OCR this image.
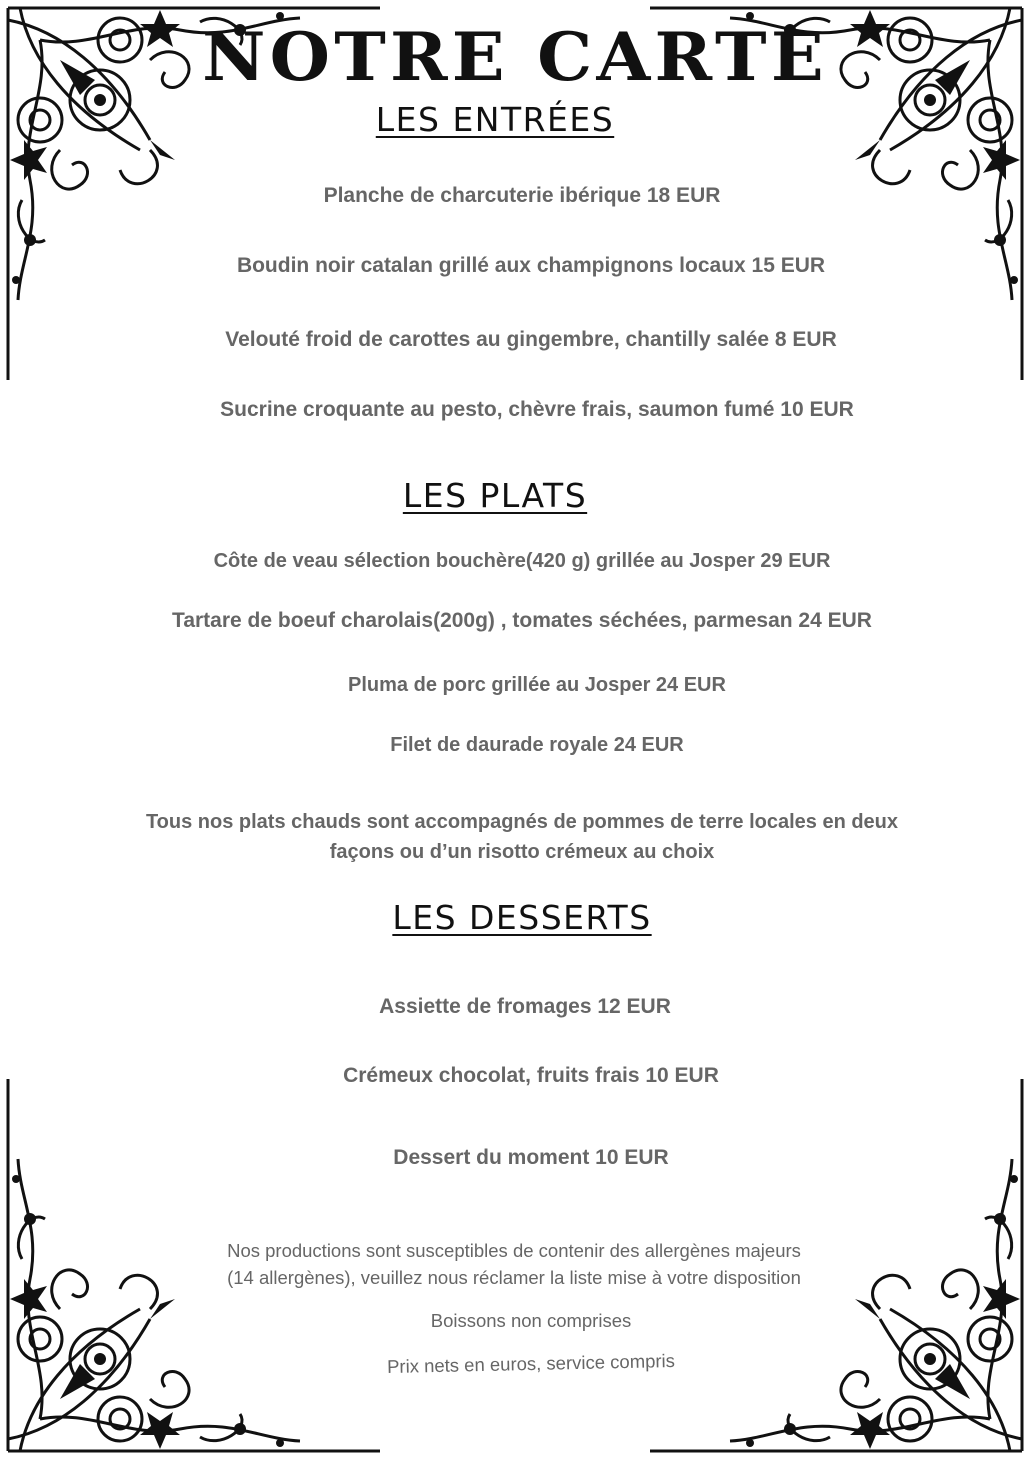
NOTRE CARTE
LES ENTRÉES
Planche de charcuterie ibérique 18 EUR
Boudin noir catalan grillé aux champignons locaux 15 EUR
Velouté froid de carottes au gingembre, chantilly salée 8 EUR
Sucrine croquante au pesto, chèvre frais, saumon fumé 10 EUR
LES PLATS
Côte de veau sélection bouchère(420 g) grillée au Josper 29 EUR
Tartare de boeuf charolais(200g) , tomates séchées, parmesan 24 EUR
Pluma de porc grillée au Josper 24 EUR
Filet de daurade royale 24 EUR
Tous nos plats chauds sont accompagnés de pommes de terre locales en deux
façons ou d’un risotto crémeux au choix
LES DESSERTS
Assiette de fromages 12 EUR
Crémeux chocolat, fruits frais 10 EUR
Dessert du moment 10 EUR
Nos productions sont susceptibles de contenir des allergènes majeurs
(14 allergènes), veuillez nous réclamer la liste mise à votre disposition
Boissons non comprises
Prix nets en euros, service compris
